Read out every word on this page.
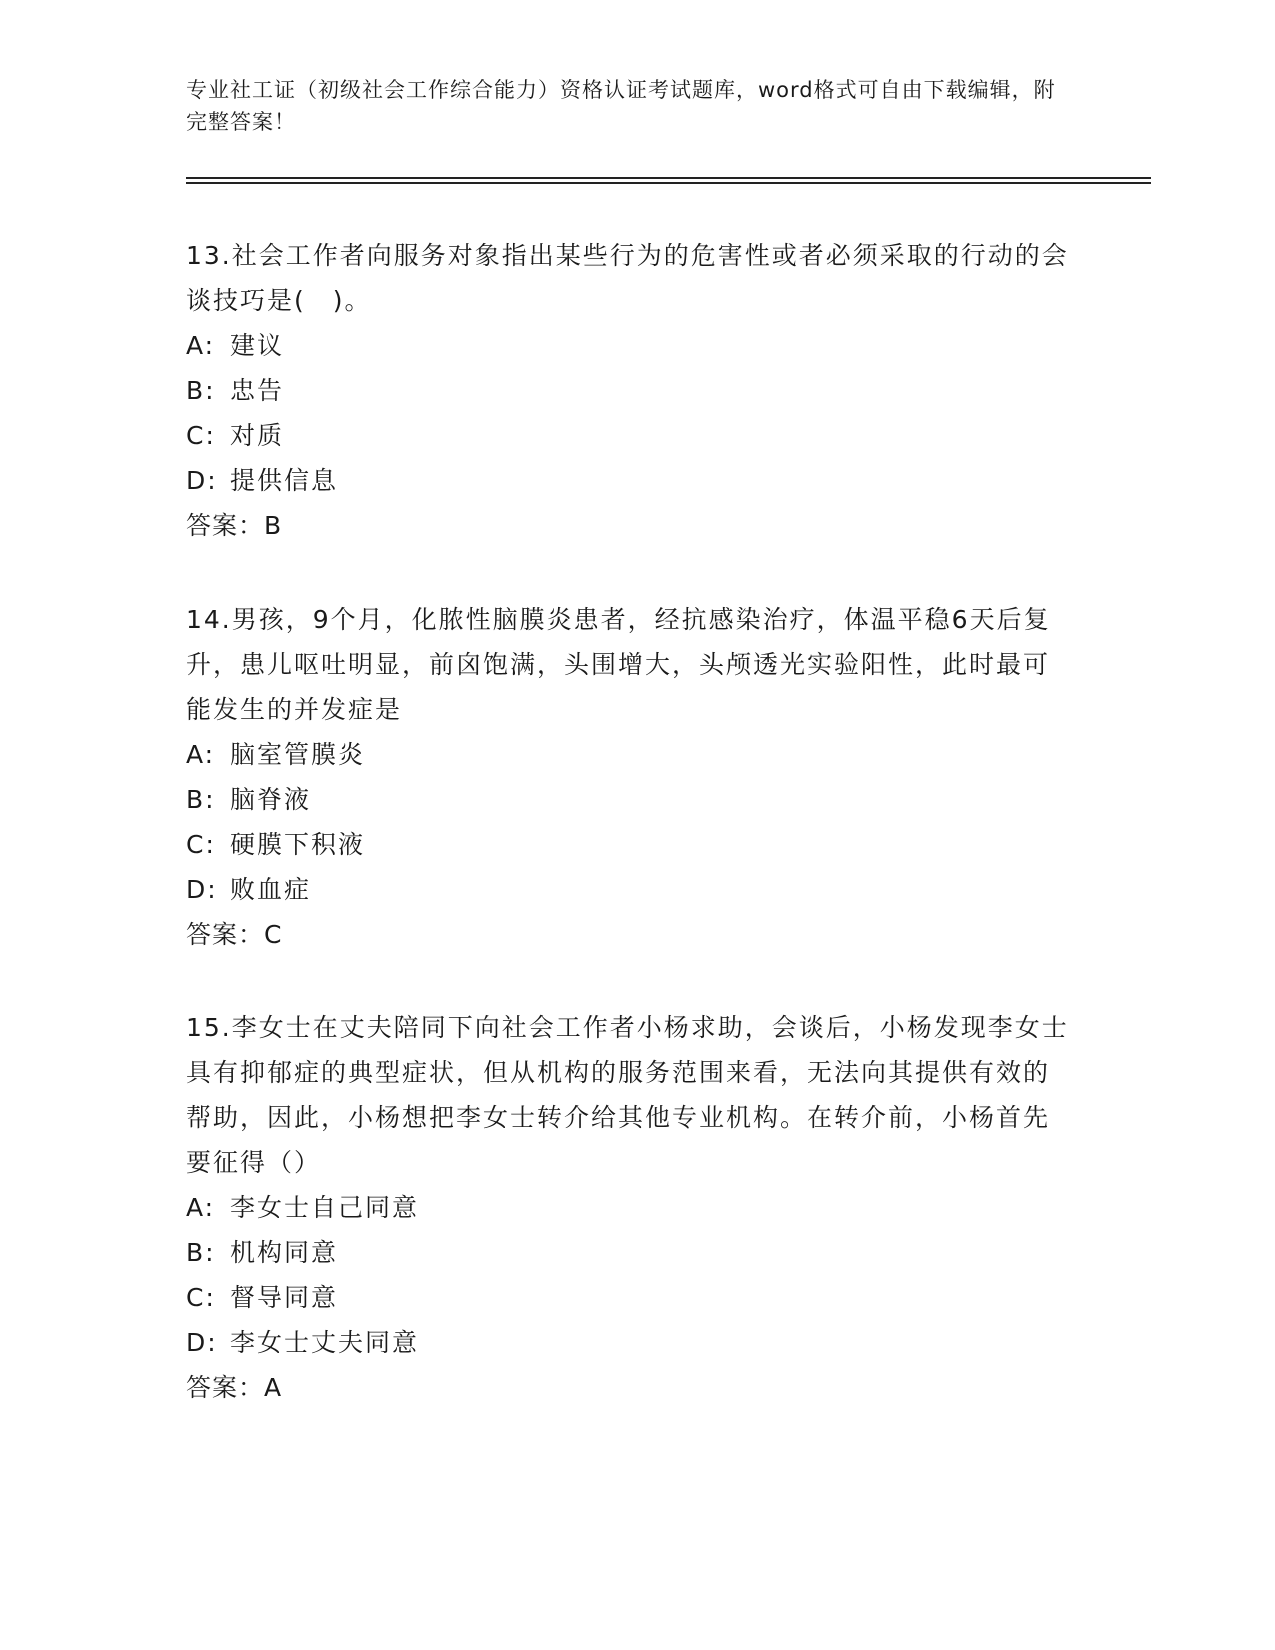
专业社工证（初级社会工作综合能力）资格认证考试题库，word格式可自由下载编辑，附完整答案！
13.社会工作者向服务对象指出某些行为的危害性或者必须采取的行动的会谈技巧是(　)。
A: 建议
B: 忠告
C: 对质
D: 提供信息
答案：B
14.男孩，9个月，化脓性脑膜炎患者，经抗感染治疗，体温平稳6天后复升，患儿呕吐明显，前囟饱满，头围增大，头颅透光实验阳性，此时最可能发生的并发症是
A: 脑室管膜炎
B: 脑脊液
C: 硬膜下积液
D: 败血症
答案：C
15.李女士在丈夫陪同下向社会工作者小杨求助，会谈后，小杨发现李女士具有抑郁症的典型症状，但从机构的服务范围来看，无法向其提供有效的帮助，因此，小杨想把李女士转介给其他专业机构。在转介前，小杨首先要征得（）
A: 李女士自己同意
B: 机构同意
C: 督导同意
D: 李女士丈夫同意
答案：A
